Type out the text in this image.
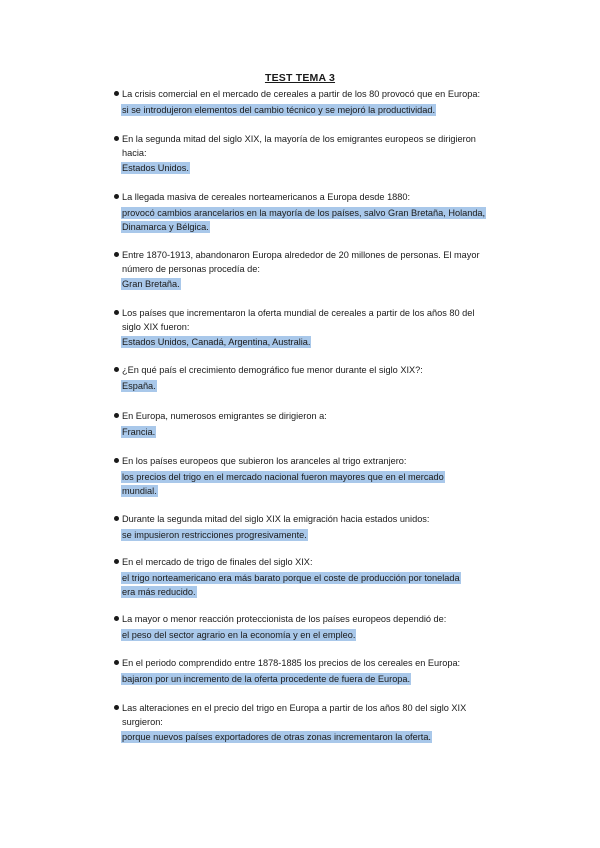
TEST TEMA 3
La crisis comercial en el mercado de cereales a partir de los 80 provocó que en Europa:
si se introdujeron elementos del cambio técnico y se mejoró la productividad.
En la segunda mitad del siglo XIX, la mayoría de los emigrantes europeos se dirigieron
hacia:
Estados Unidos.
La llegada masiva de cereales norteamericanos a Europa desde 1880:
provocó cambios arancelarios en la mayoría de los países, salvo Gran Bretaña, Holanda,
Dinamarca y Bélgica.
Entre 1870-1913, abandonaron Europa alrededor de 20 millones de personas. El mayor
número de personas procedía de:
Gran Bretaña.
Los países que incrementaron la oferta mundial de cereales a partir de los años 80 del
siglo XIX fueron:
Estados Unidos, Canadá, Argentina, Australia.
¿En qué país el crecimiento demográfico fue menor durante el siglo XIX?:
España.
En Europa, numerosos emigrantes se dirigieron a:
Francia.
En los países europeos que subieron los aranceles al trigo extranjero:
los precios del trigo en el mercado nacional fueron mayores que en el mercado
mundial.
Durante la segunda mitad del siglo XIX la emigración hacia estados unidos:
se impusieron restricciones progresivamente.
En el mercado de trigo de finales del siglo XIX:
el trigo norteamericano era más barato porque el coste de producción por tonelada
era más reducido.
La mayor o menor reacción proteccionista de los países europeos dependió de:
el peso del sector agrario en la economía y en el empleo.
En el periodo comprendido entre 1878-1885 los precios de los cereales en Europa:
bajaron por un incremento de la oferta procedente de fuera de Europa.
Las alteraciones en el precio del trigo en Europa a partir de los años 80 del siglo XIX
surgieron:
porque nuevos países exportadores de otras zonas incrementaron la oferta.
